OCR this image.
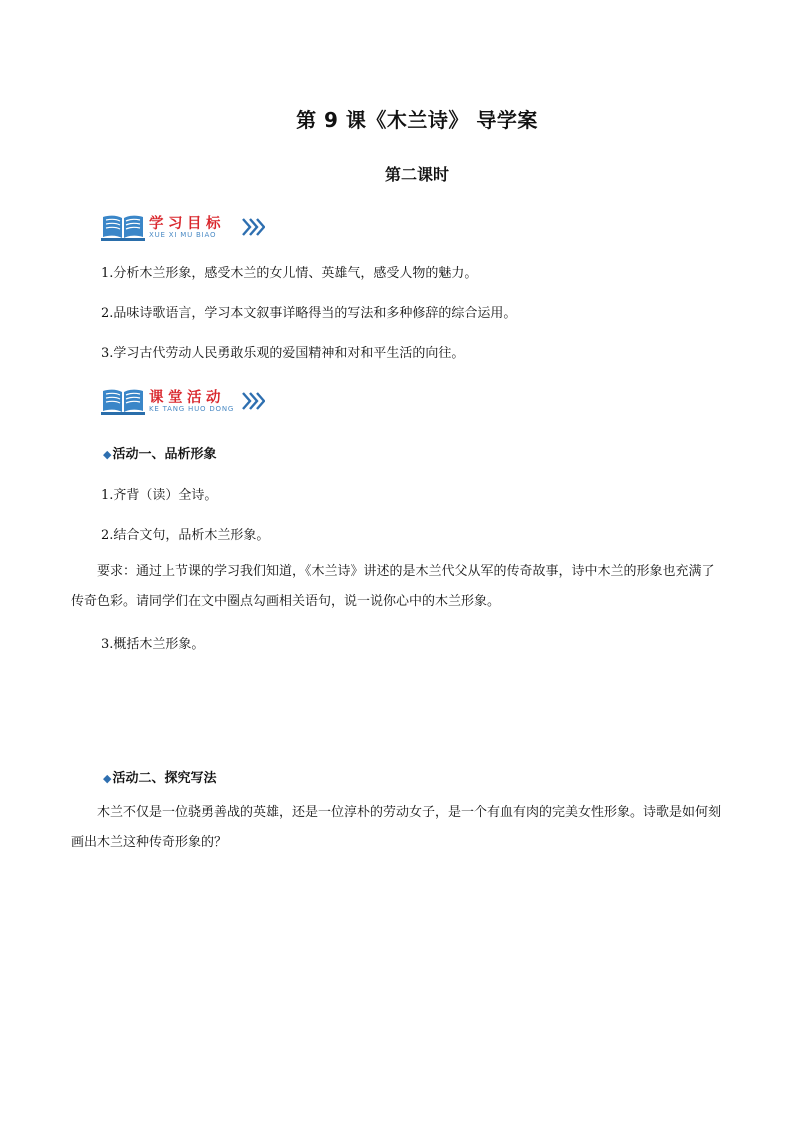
第 9 课《木兰诗》 导学案
第二课时
学习目标
XUE XI MU BIAO
1.分析木兰形象，感受木兰的女儿情、英雄气，感受人物的魅力。
2.品味诗歌语言，学习本文叙事详略得当的写法和多种修辞的综合运用。
3.学习古代劳动人民勇敢乐观的爱国精神和对和平生活的向往。
课堂活动
KE TANG HUO DONG
◆活动一、品析形象
1.齐背（读）全诗。
2.结合文句，品析木兰形象。
要求：通过上节课的学习我们知道，《木兰诗》讲述的是木兰代父从军的传奇故事，诗中木兰的形象也充满了传奇色彩。请同学们在文中圈点勾画相关语句，说一说你心中的木兰形象。
3.概括木兰形象。
◆活动二、探究写法
木兰不仅是一位骁勇善战的英雄，还是一位淳朴的劳动女子，是一个有血有肉的完美女性形象。诗歌是如何刻画出木兰这种传奇形象的？
